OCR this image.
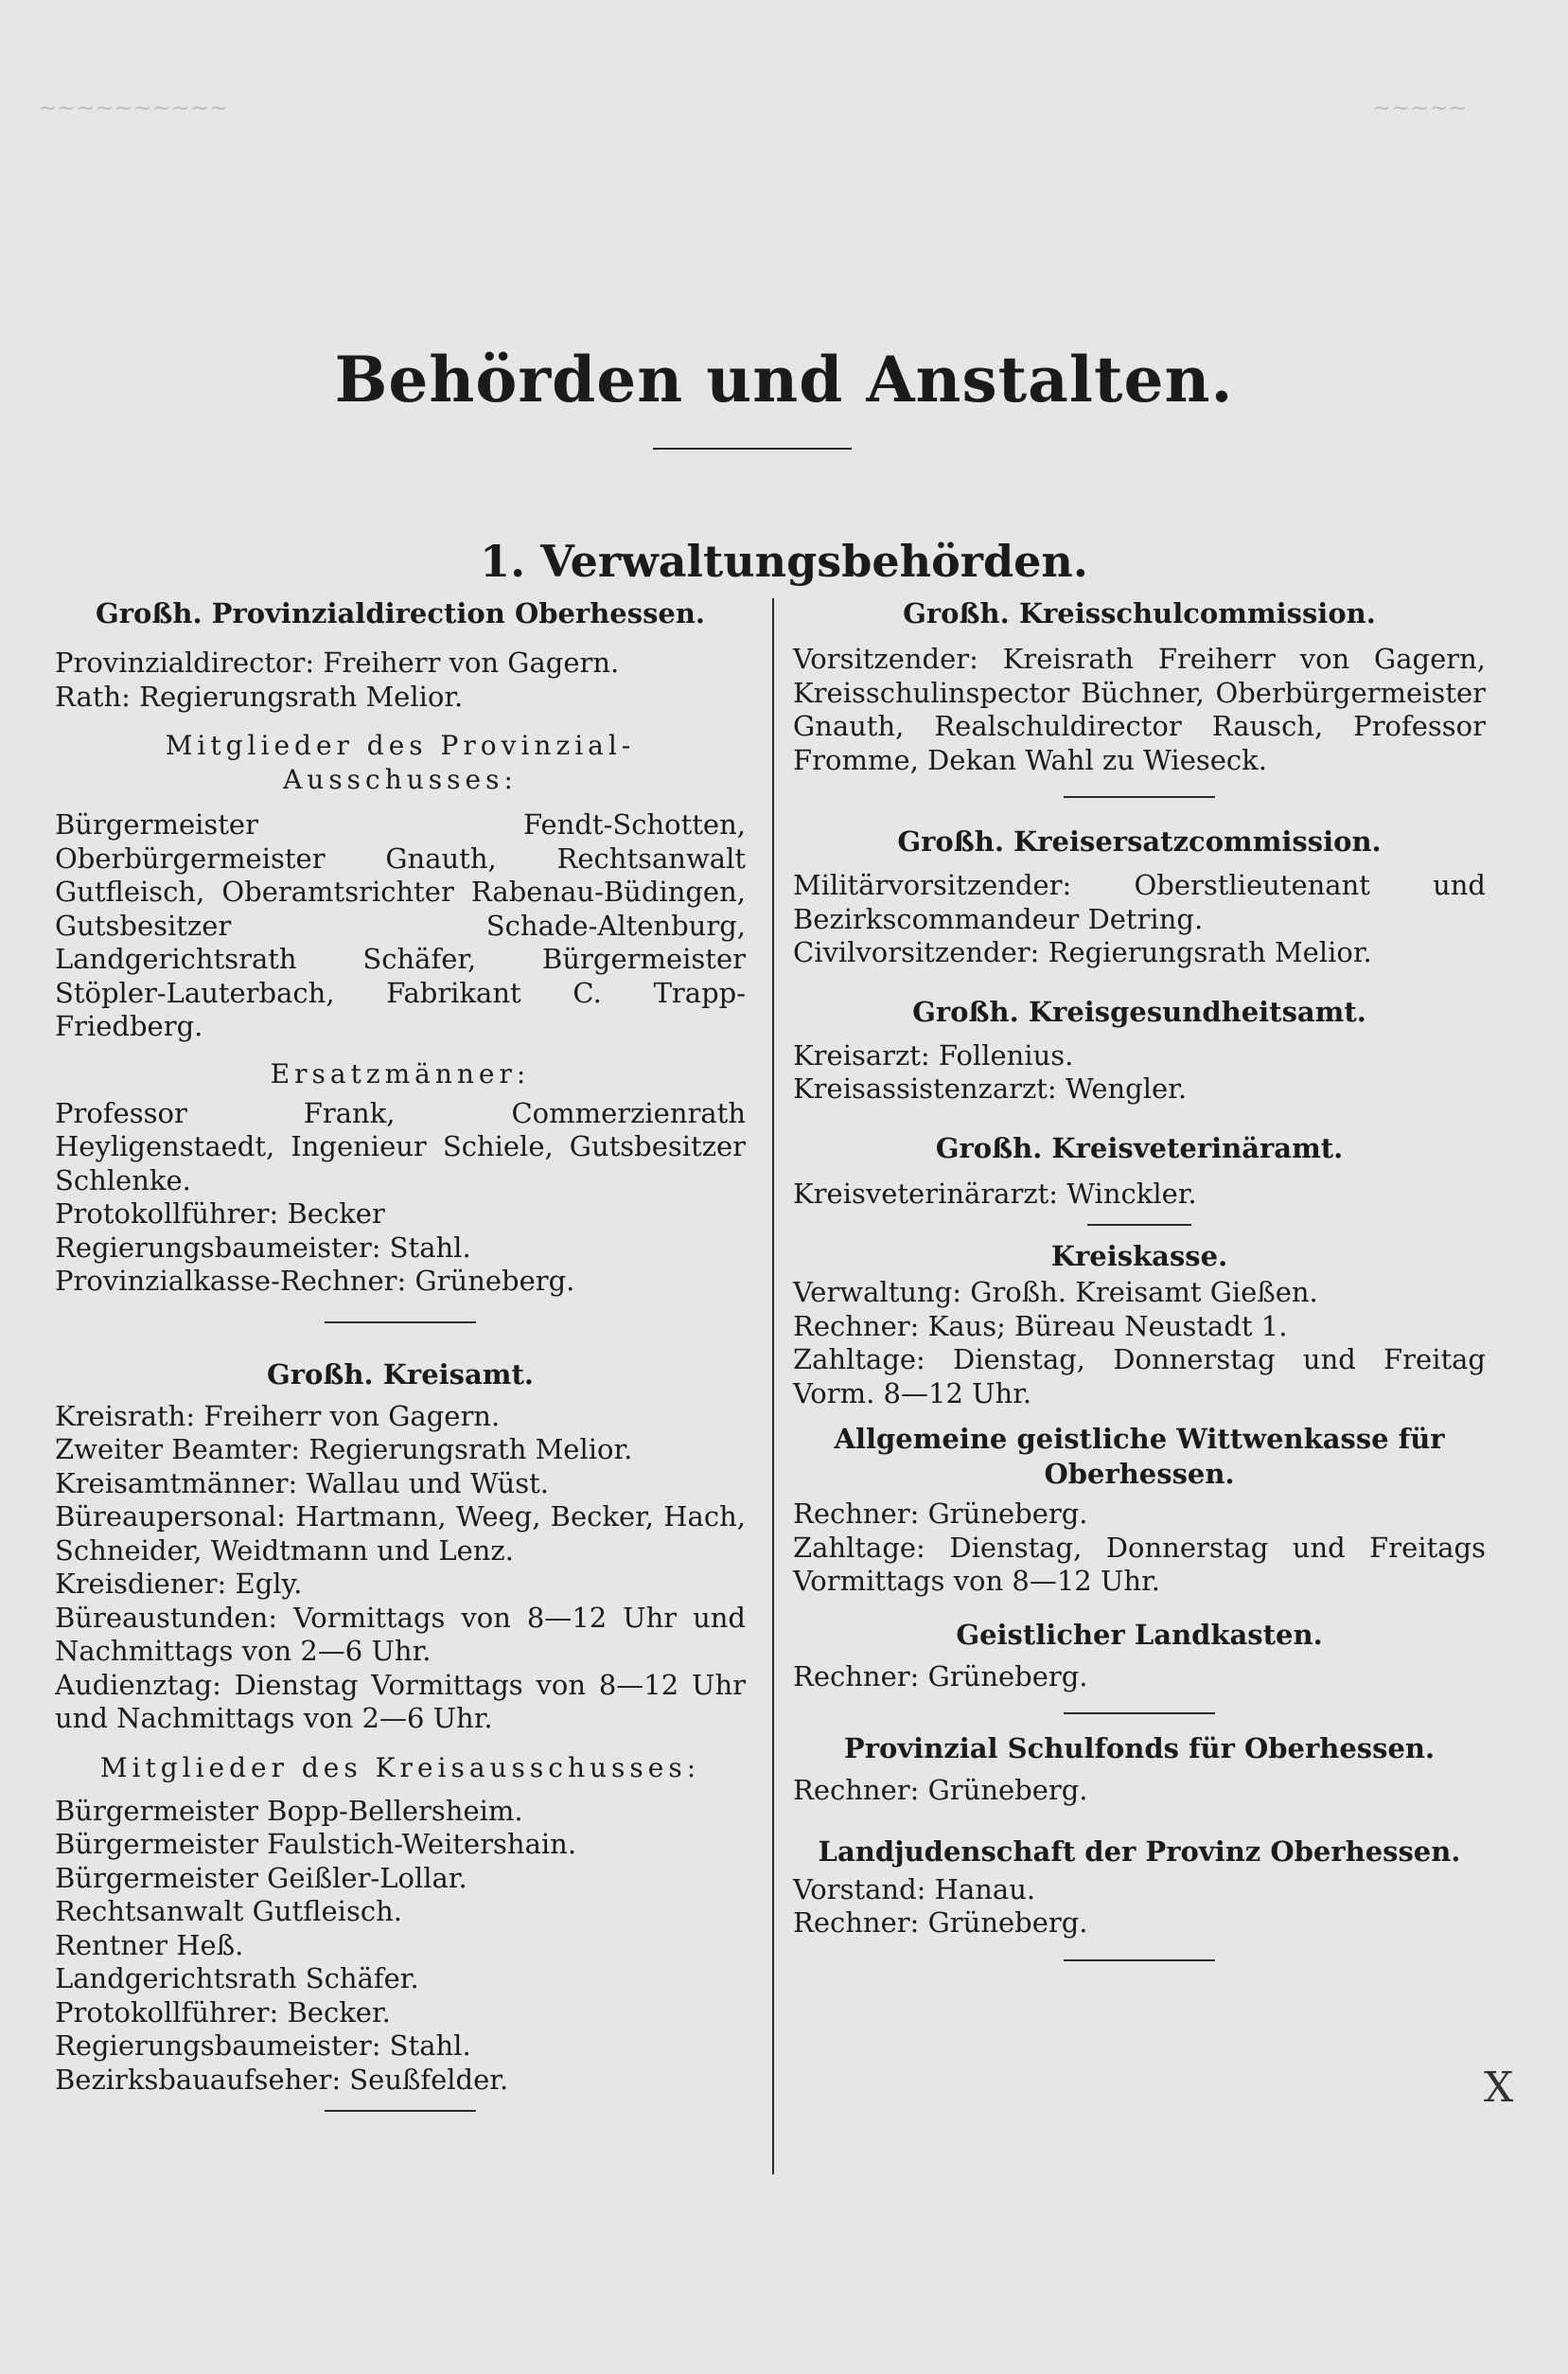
~~~~~~~~~~	~~~~~
Behörden und Anstalten.
1. Verwaltungsbehörden.
Großh. Provinzialdirection Oberhessen.
Provinzialdirector: Freiherr von Gagern.
Rath: Regierungsrath Melior.
Mitglieder des Provinzial-Ausschusses:
Bürgermeister Fendt-Schotten, Oberbürgermeister Gnauth, Rechtsanwalt Gutfleisch, Oberamtsrichter Rabenau-Büdingen, Gutsbesitzer Schade-Altenburg, Landgerichtsrath Schäfer, Bürgermeister Stöpler-Lauterbach, Fabrikant C. Trapp-Friedberg.
Ersatzmänner:
Professor Frank, Commerzienrath Heyligenstaedt, Ingenieur Schiele, Gutsbesitzer Schlenke.
Protokollführer: Becker
Regierungsbaumeister: Stahl.
Provinzialkasse-Rechner: Grüneberg.
Großh. Kreisamt.
Kreisrath: Freiherr von Gagern.
Zweiter Beamter: Regierungsrath Melior.
Kreisamtmänner: Wallau und Wüst.
Büreaupersonal: Hartmann, Weeg, Becker, Hach, Schneider, Weidtmann und Lenz.
Kreisdiener: Egly.
Büreaustunden: Vormittags von 8—12 Uhr und Nachmittags von 2—6 Uhr.
Audienztag: Dienstag Vormittags von 8—12 Uhr und Nachmittags von 2—6 Uhr.
Mitglieder des Kreisausschusses:
Bürgermeister Bopp-Bellersheim.
Bürgermeister Faulstich-Weitershain.
Bürgermeister Geißler-Lollar.
Rechtsanwalt Gutfleisch.
Rentner Heß.
Landgerichtsrath Schäfer.
Protokollführer: Becker.
Regierungsbaumeister: Stahl.
Bezirksbauaufseher: Seußfelder.
Großh. Kreisschulcommission.
Vorsitzender: Kreisrath Freiherr von Gagern, Kreisschulinspector Büchner, Oberbürgermeister Gnauth, Realschuldirector Rausch, Professor Fromme, Dekan Wahl zu Wieseck.
Großh. Kreisersatzcommission.
Militärvorsitzender: Oberstlieutenant und Bezirkscommandeur Detring.
Civilvorsitzender: Regierungsrath Melior.
Großh. Kreisgesundheitsamt.
Kreisarzt: Follenius.
Kreisassistenzarzt: Wengler.
Großh. Kreisveterinäramt.
Kreisveterinärarzt: Winckler.
Kreiskasse.
Verwaltung: Großh. Kreisamt Gießen.
Rechner: Kaus; Büreau Neustadt 1.
Zahltage: Dienstag, Donnerstag und Freitag Vorm. 8—12 Uhr.
Allgemeine geistliche Wittwenkasse für Oberhessen.
Rechner: Grüneberg.
Zahltage: Dienstag, Donnerstag und Freitags Vormittags von 8—12 Uhr.
Geistlicher Landkasten.
Rechner: Grüneberg.
Provinzial Schulfonds für Oberhessen.
Rechner: Grüneberg.
Landjudenschaft der Provinz Oberhessen.
Vorstand: Hanau.
Rechner: Grüneberg.
X
